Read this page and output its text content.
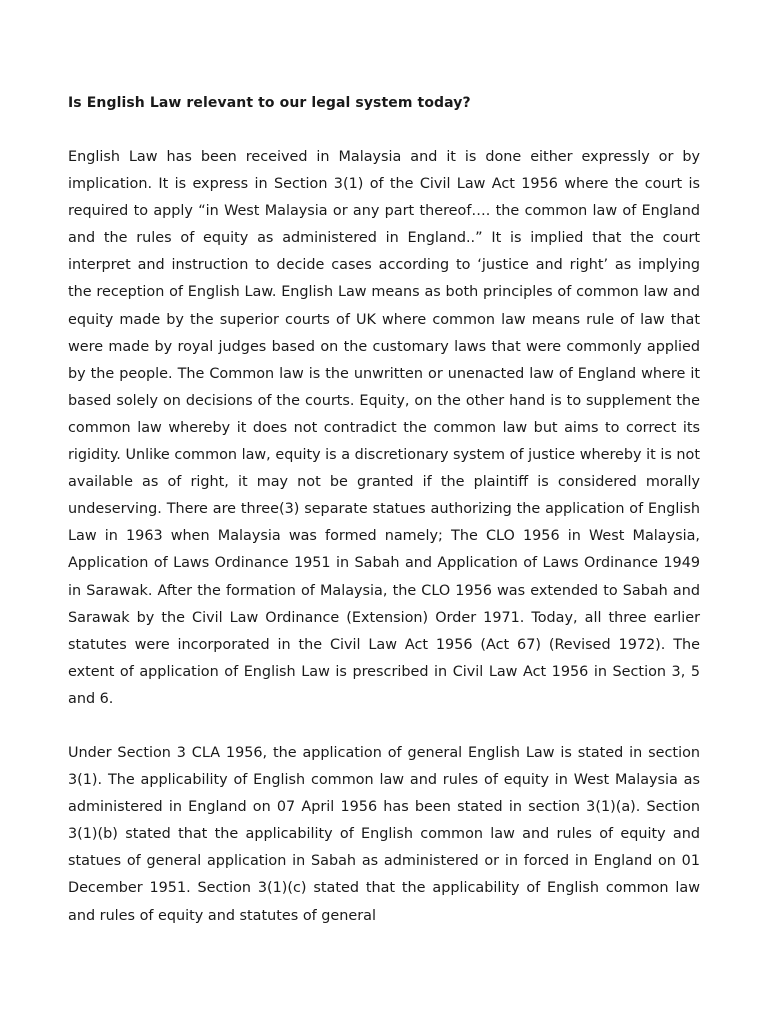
Is English Law relevant to our legal system today?

English Law has been received in Malaysia and it is done either expressly or by implication. It is express in Section 3(1) of the Civil Law Act 1956 where the court is required to apply “in West Malaysia or any part thereof…. the common law of England and the rules of equity as administered in England..” It is implied that the court interpret and instruction to decide cases according to ‘justice and right’ as implying the reception of English Law. English Law means as both principles of common law and equity made by the superior courts of UK where common law means rule of law that were made by royal judges based on the customary laws that were commonly applied by the people. The Common law is the unwritten or unenacted law of England where it based solely on decisions of the courts. Equity, on the other hand is to supplement the common law whereby it does not contradict the common law but aims to correct its rigidity. Unlike common law, equity is a discretionary system of justice whereby it is not available as of right, it may not be granted if the plaintiff is considered morally undeserving. There are three(3) separate statues authorizing the application of English Law in 1963 when Malaysia was formed namely; The CLO 1956 in West Malaysia, Application of Laws Ordinance 1951 in Sabah and Application of Laws Ordinance 1949 in Sarawak. After the formation of Malaysia, the CLO 1956 was extended to Sabah and Sarawak by the Civil Law Ordinance (Extension) Order 1971. Today, all three earlier statutes were incorporated in the Civil Law Act 1956 (Act 67) (Revised 1972). The extent of application of English Law is prescribed in Civil Law Act 1956 in Section 3, 5 and 6.

Under Section 3 CLA 1956, the application of general English Law is stated in section 3(1). The applicability of English common law and rules of equity in West Malaysia as administered in England on 07 April 1956 has been stated in section 3(1)(a). Section 3(1)(b) stated that the applicability of English common law and rules of equity and statues of general application in Sabah as administered or in forced in England on 01 December 1951. Section 3(1)(c) stated that the applicability of English common law and rules of equity and statutes of general
